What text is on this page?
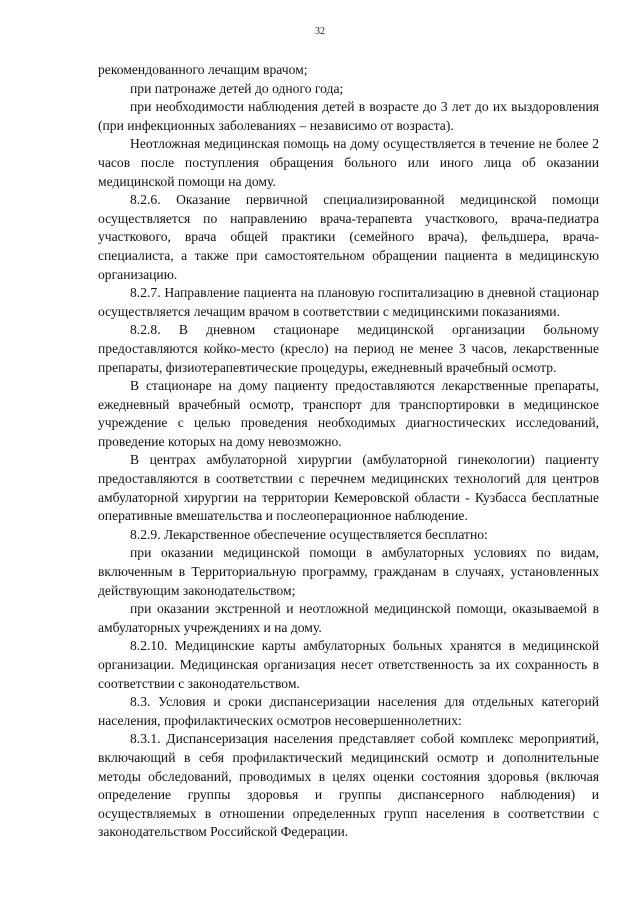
32

рекомендованного лечащим врачом;

при патронаже детей до одного года;

при необходимости наблюдения детей в возрасте до 3 лет до их выздоровления (при инфекционных заболеваниях – независимо от возраста).

Неотложная медицинская помощь на дому осуществляется в течение не более 2 часов после поступления обращения больного или иного лица об оказании медицинской помощи на дому.

8.2.6. Оказание первичной специализированной медицинской помощи осуществляется по направлению врача-терапевта участкового, врача-педиатра участкового, врача общей практики (семейного врача), фельдшера, врача-специалиста, а также при самостоятельном обращении пациента в медицинскую организацию.

8.2.7. Направление пациента на плановую госпитализацию в дневной стационар осуществляется лечащим врачом в соответствии с медицинскими показаниями.

8.2.8. В дневном стационаре медицинской организации больному предоставляются койко-место (кресло) на период не менее 3 часов, лекарственные препараты, физиотерапевтические процедуры, ежедневный врачебный осмотр.

В стационаре на дому пациенту предоставляются лекарственные препараты, ежедневный врачебный осмотр, транспорт для транспортировки в медицинское учреждение с целью проведения необходимых диагностических исследований, проведение которых на дому невозможно.

В центрах амбулаторной хирургии (амбулаторной гинекологии) пациенту предоставляются в соответствии с перечнем медицинских технологий для центров амбулаторной хирургии на территории Кемеровской области - Кузбасса бесплатные оперативные вмешательства и послеоперационное наблюдение.

8.2.9. Лекарственное обеспечение осуществляется бесплатно:

при оказании медицинской помощи в амбулаторных условиях по видам, включенным в Территориальную программу, гражданам в случаях, установленных действующим законодательством;

при оказании экстренной и неотложной медицинской помощи, оказываемой в амбулаторных учреждениях и на дому.

8.2.10. Медицинские карты амбулаторных больных хранятся в медицинской организации. Медицинская организация несет ответственность за их сохранность в соответствии с законодательством.

8.3. Условия и сроки диспансеризации населения для отдельных категорий населения, профилактических осмотров несовершеннолетних:

8.3.1. Диспансеризация населения представляет собой комплекс мероприятий, включающий в себя профилактический медицинский осмотр и дополнительные методы обследований, проводимых в целях оценки состояния здоровья (включая определение группы здоровья и группы диспансерного наблюдения) и осуществляемых в отношении определенных групп населения в соответствии с законодательством Российской Федерации.
